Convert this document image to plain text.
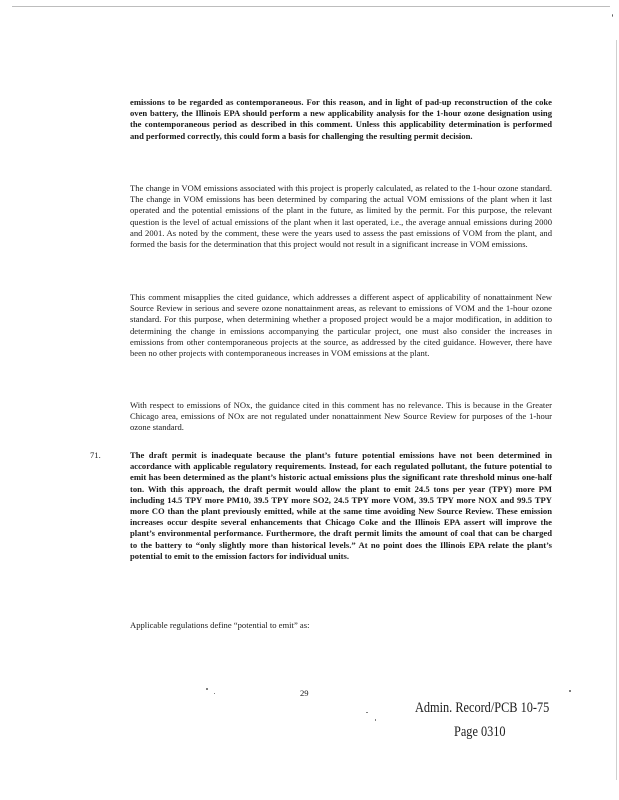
emissions to be regarded as contemporaneous. For this reason, and in light of pad-up reconstruction of the coke oven battery, the Illinois EPA should perform a new applicability analysis for the 1-hour ozone designation using the contemporaneous period as described in this comment. Unless this applicability determination is performed and performed correctly, this could form a basis for challenging the resulting permit decision.
The change in VOM emissions associated with this project is properly calculated, as related to the 1-hour ozone standard. The change in VOM emissions has been determined by comparing the actual VOM emissions of the plant when it last operated and the potential emissions of the plant in the future, as limited by the permit. For this purpose, the relevant question is the level of actual emissions of the plant when it last operated, i.e., the average annual emissions during 2000 and 2001. As noted by the comment, these were the years used to assess the past emissions of VOM from the plant, and formed the basis for the determination that this project would not result in a significant increase in VOM emissions.
This comment misapplies the cited guidance, which addresses a different aspect of applicability of nonattainment New Source Review in serious and severe ozone nonattainment areas, as relevant to emissions of VOM and the 1-hour ozone standard. For this purpose, when determining whether a proposed project would be a major modification, in addition to determining the change in emissions accompanying the particular project, one must also consider the increases in emissions from other contemporaneous projects at the source, as addressed by the cited guidance. However, there have been no other projects with contemporaneous increases in VOM emissions at the plant.
With respect to emissions of NOx, the guidance cited in this comment has no relevance. This is because in the Greater Chicago area, emissions of NOx are not regulated under nonattainment New Source Review for purposes of the 1-hour ozone standard.
71.	The draft permit is inadequate because the plant’s future potential emissions have not been determined in accordance with applicable regulatory requirements. Instead, for each regulated pollutant, the future potential to emit has been determined as the plant’s historic actual emissions plus the significant rate threshold minus one-half ton. With this approach, the draft permit would allow the plant to emit 24.5 tons per year (TPY) more PM including 14.5 TPY more PM10, 39.5 TPY more SO2, 24.5 TPY more VOM, 39.5 TPY more NOX and 99.5 TPY more CO than the plant previously emitted, while at the same time avoiding New Source Review. These emission increases occur despite several enhancements that Chicago Coke and the Illinois EPA assert will improve the plant’s environmental performance. Furthermore, the draft permit limits the amount of coal that can be charged to the battery to “only slightly more than historical levels.” At no point does the Illinois EPA relate the plant’s potential to emit to the emission factors for individual units.
Applicable regulations define “potential to emit” as:
29
Admin. Record/PCB 10-75
Page 0310
